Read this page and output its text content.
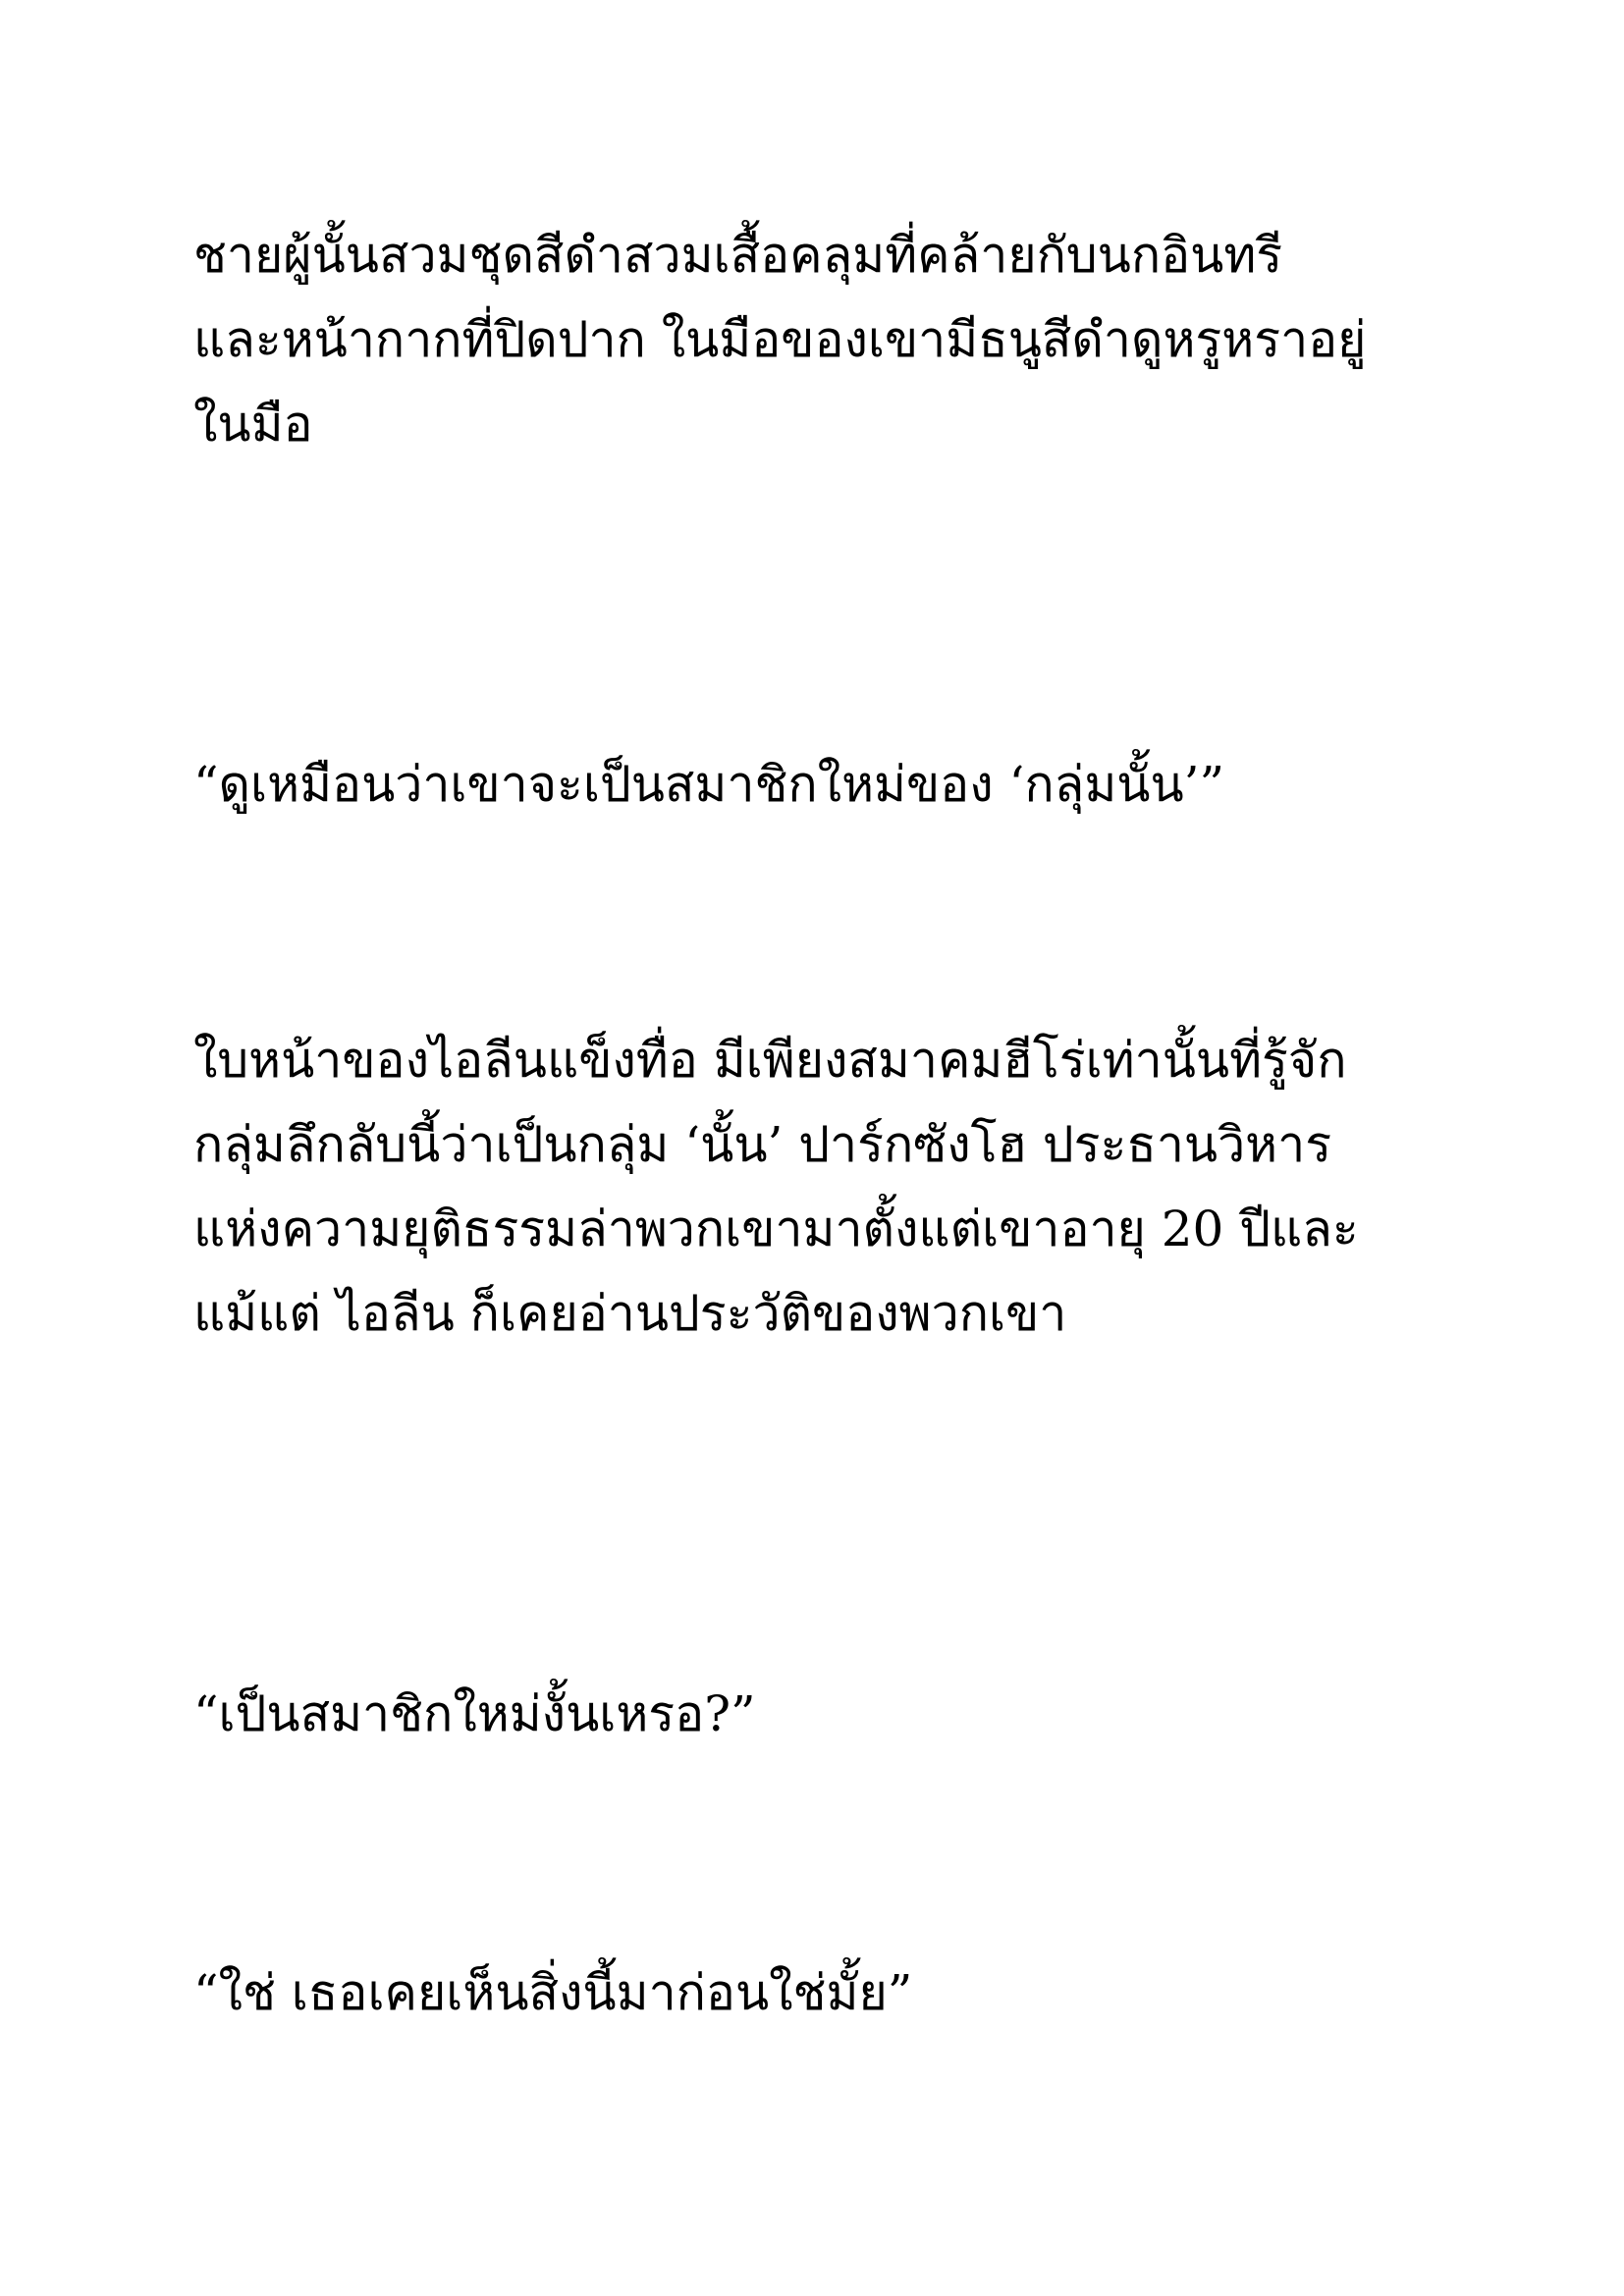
ชายผู้นั้นสวมชุดสีดำสวมเสื้อคลุมที่คล้ายกับนกอินทรี
และหน้ากากที่ปิดปาก ในมือของเขามีธนูสีดำดูหรูหราอยู่
ในมือ

“ดูเหมือนว่าเขาจะเป็นสมาชิกใหม่ของ ‘กลุ่มนั้น’”

ใบหน้าของไอลีนแข็งทื่อ มีเพียงสมาคมฮีโร่เท่านั้นที่รู้จัก
กลุ่มลึกลับนี้ว่าเป็นกลุ่ม ‘นั้น’ ปาร์กซังโฮ ประธานวิหาร
แห่งความยุติธรรมล่าพวกเขามาตั้งแต่เขาอายุ 20 ปีและ
แม้แต่ ไอลีน ก็เคยอ่านประวัติของพวกเขา

“เป็นสมาชิกใหม่งั้นเหรอ?”

“ใช่ เธอเคยเห็นสิ่งนี้มาก่อนใช่มั้ย”
